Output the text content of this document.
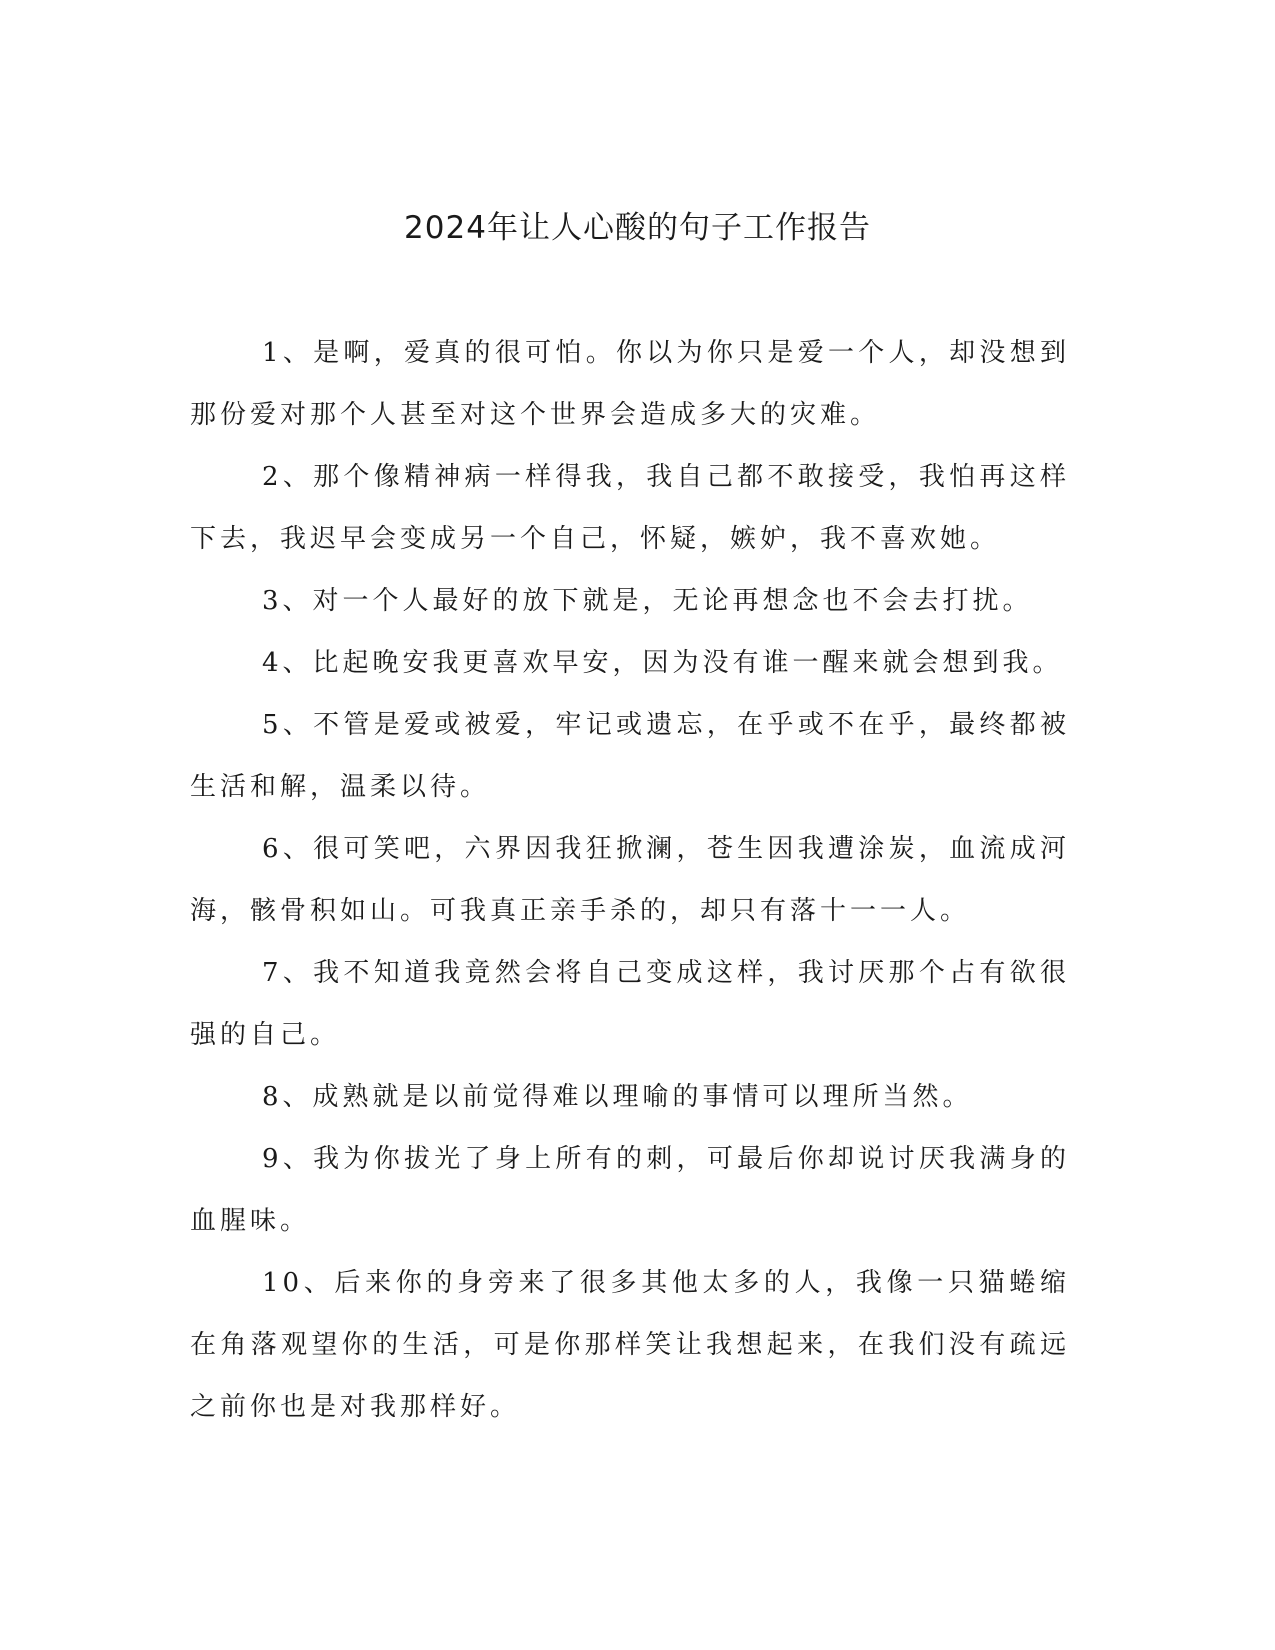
2024年让人心酸的句子工作报告

1、是啊，爱真的很可怕。你以为你只是爱一个人，却没想到那份爱对那个人甚至对这个世界会造成多大的灾难。

2、那个像精神病一样得我，我自己都不敢接受，我怕再这样下去，我迟早会变成另一个自己，怀疑，嫉妒，我不喜欢她。

3、对一个人最好的放下就是，无论再想念也不会去打扰。

4、比起晚安我更喜欢早安，因为没有谁一醒来就会想到我。

5、不管是爱或被爱，牢记或遗忘，在乎或不在乎，最终都被生活和解，温柔以待。

6、很可笑吧，六界因我狂掀澜，苍生因我遭涂炭，血流成河海，骸骨积如山。可我真正亲手杀的，却只有落十一一人。

7、我不知道我竟然会将自己变成这样，我讨厌那个占有欲很强的自己。

8、成熟就是以前觉得难以理喻的事情可以理所当然。

9、我为你拔光了身上所有的刺，可最后你却说讨厌我满身的血腥味。

10、后来你的身旁来了很多其他太多的人，我像一只猫蜷缩在角落观望你的生活，可是你那样笑让我想起来，在我们没有疏远之前你也是对我那样好。
